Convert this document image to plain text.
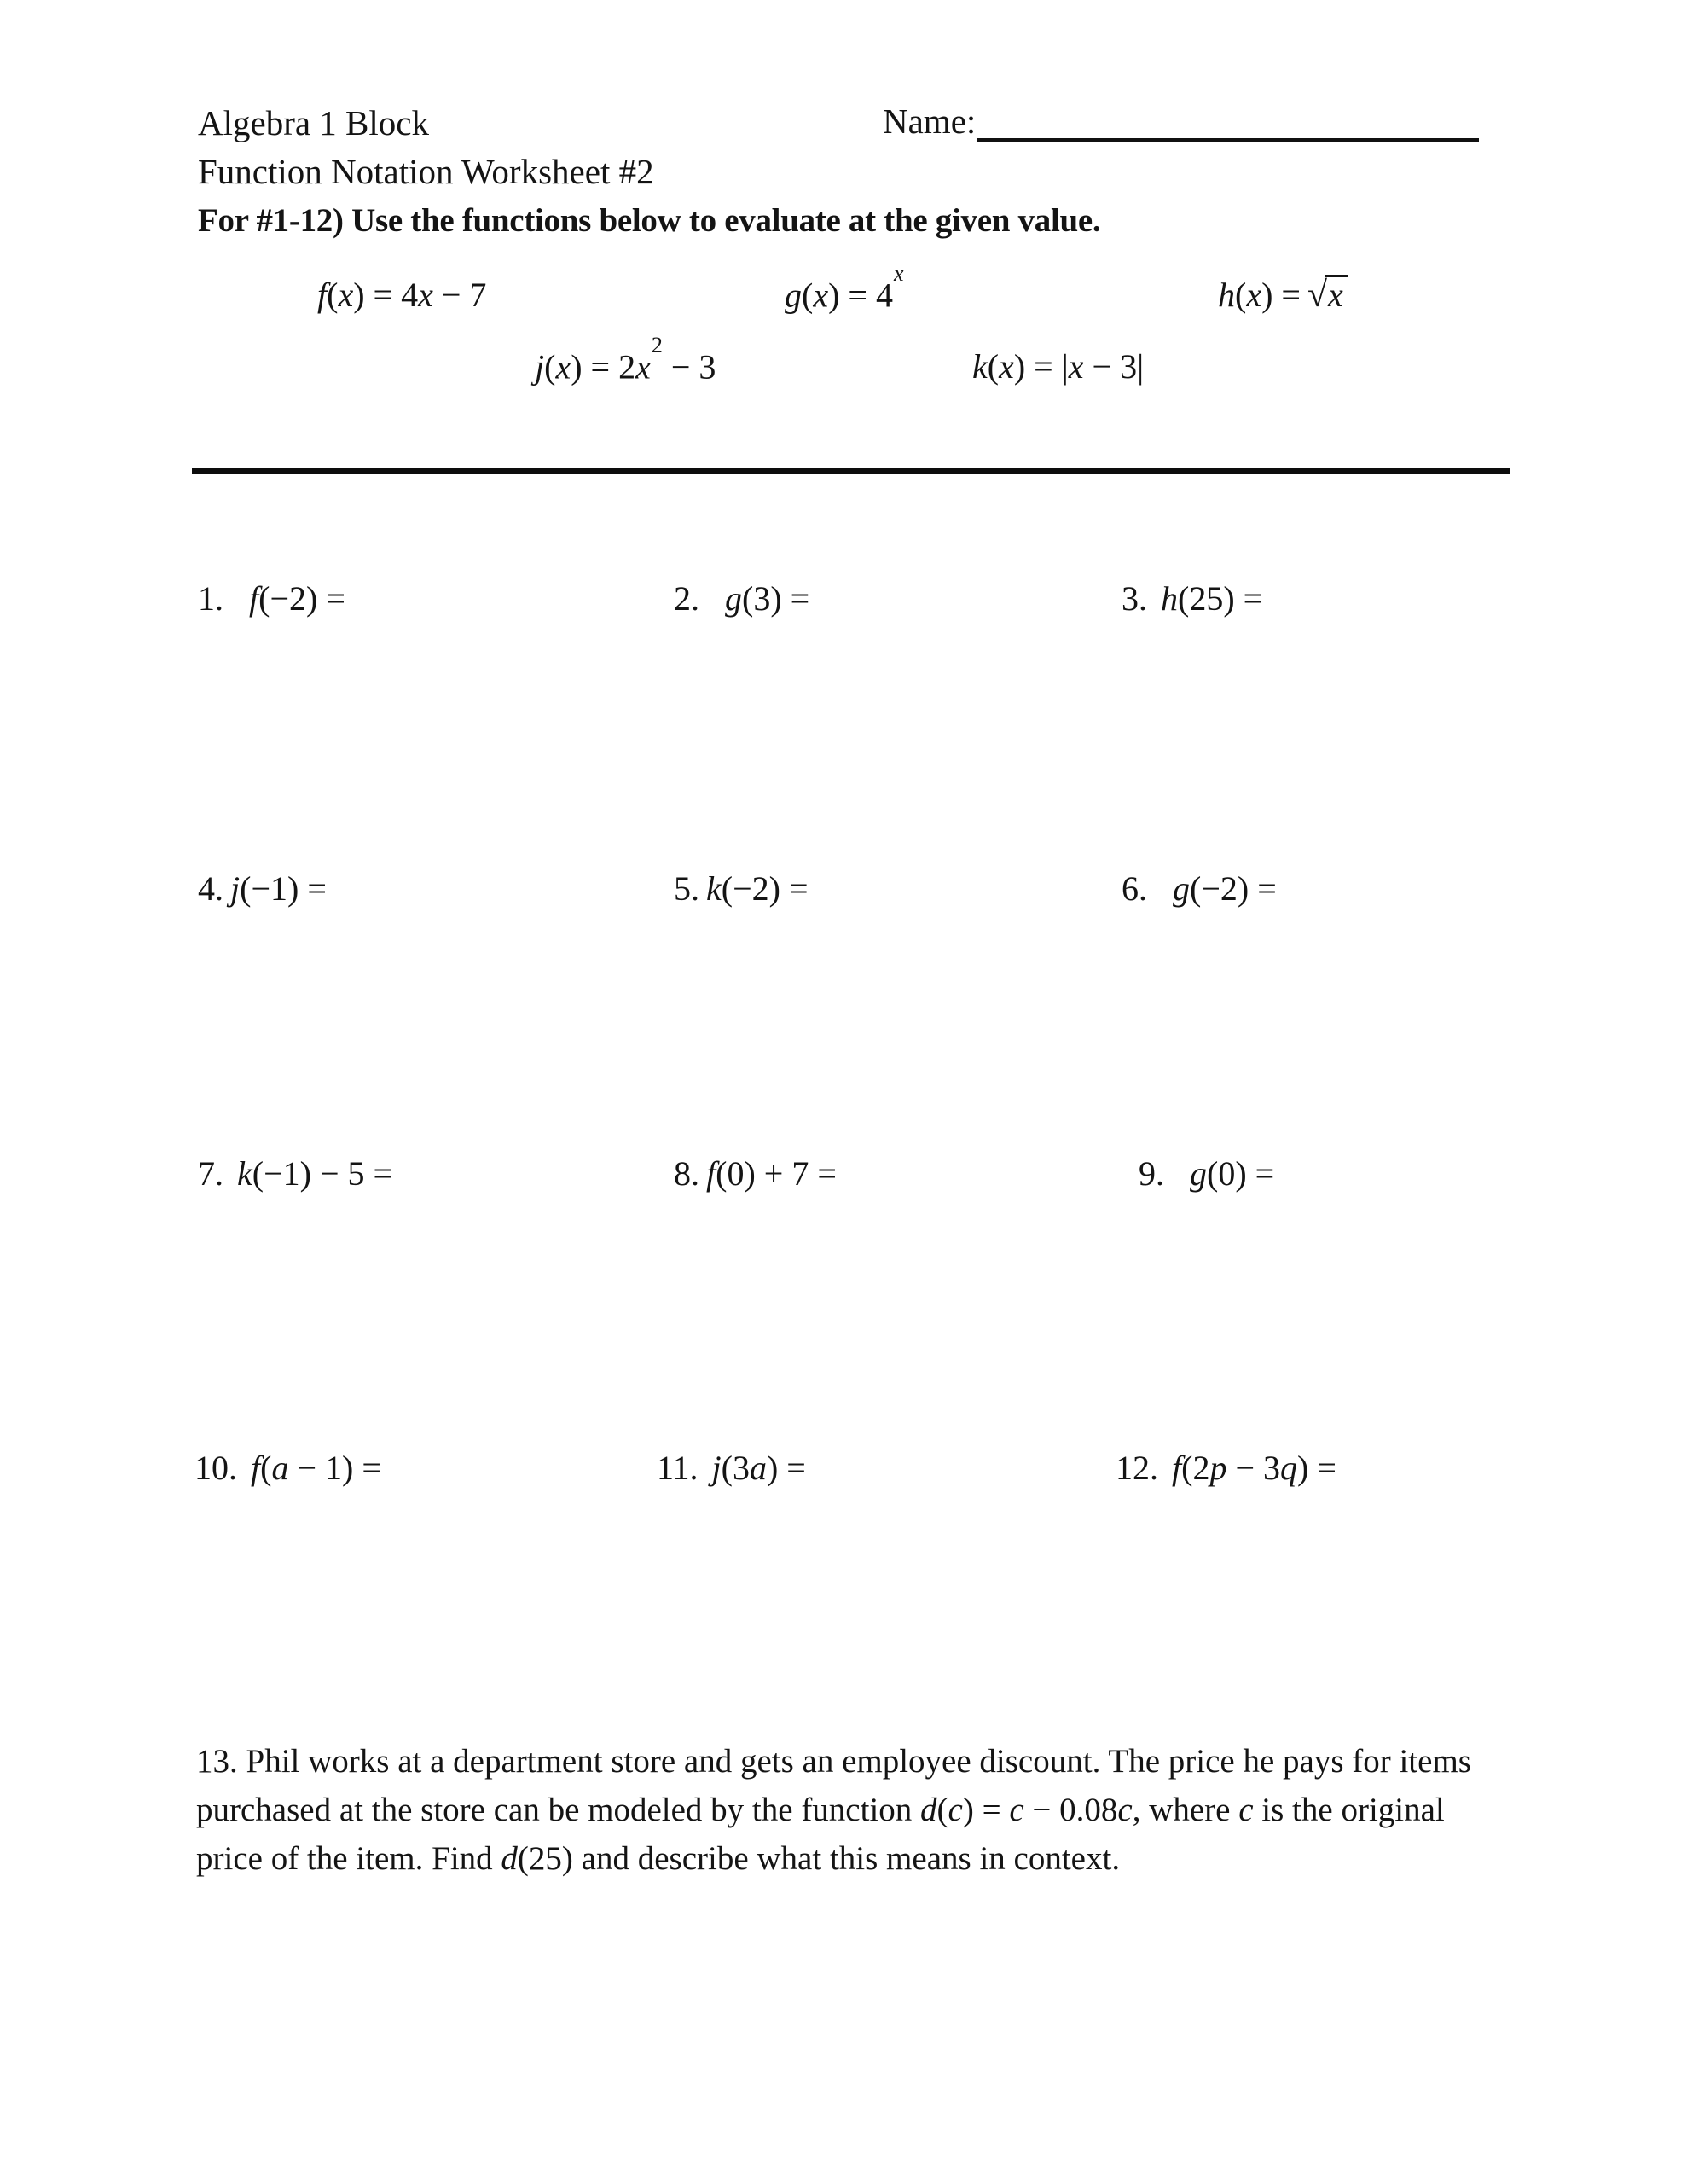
Algebra 1 Block	Name:
Function Notation Worksheet #2
For #1-12) Use the functions below to evaluate at the given value.
f(x) = 4x − 7	$g(x) = 4^x$
h(x) = √ x
$j(x) = 2x^2 - 3$	k(x) = |x − 3|
1. f(−2) =	2. g(3) =	3. h(25) =
4. j(−1) =	5. k(−2) =	6. g(−2) =
7. k(−1) − 5 =	8. f(0) + 7 =	9. g(0) =
10. f(a − 1) =	11. j(3a) =	12. f(2p − 3q) =
13. Phil works at a department store and gets an employee discount. The price he pays for items purchased at the store can be modeled by the function d(c) = c − 0.08c, where c is the original price of the item. Find d(25) and describe what this means in context.
